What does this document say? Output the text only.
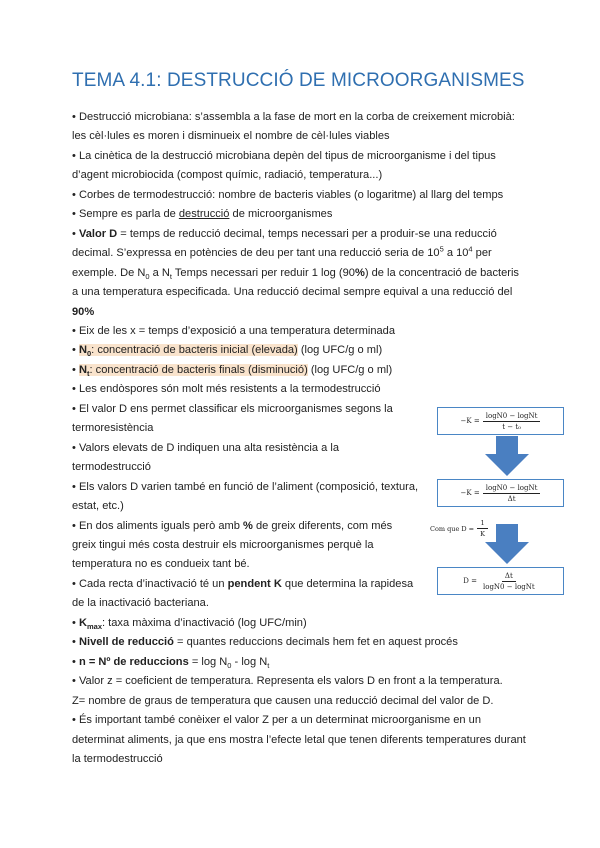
TEMA 4.1: DESTRUCCIÓ DE MICROORGANISMES
• Destrucció microbiana: s’assembla a la fase de mort en la corba de creixement microbià:
les cèl·lules es moren i disminueix el nombre de cèl·lules viables
• La cinètica de la destrucció microbiana depèn del tipus de microorganisme i del tipus
d’agent microbiocida (compost químic, radiació, temperatura...)
• Corbes de termodestrucció: nombre de bacteris viables (o logaritme) al llarg del temps
• Sempre es parla de destrucció de microorganismes
• Valor D = temps de reducció decimal, temps necessari per a produir-se una reducció
decimal. S’expressa en potències de deu per tant una reducció seria de $10^5$ a $10^4$ per
exemple. De $N_0$ a $N_t$ Temps necessari per reduir 1 log (90%) de la concentració de bacteris
a una temperatura especificada. Una reducció decimal sempre equival a una reducció del
90%
• Eix de les x = temps d’exposició a una temperatura determinada
• $N_0$: concentració de bacteris inicial (elevada) (log UFC/g o ml)
• $N_t$: concentració de bacteris finals (disminució) (log UFC/g o ml)
• Les endòspores són molt més resistents a la termodestrucció
• El valor D ens permet classificar els microorganismes segons la
termoresistència
• Valors elevats de D indiquen una alta resistència a la
termodestrucció
• Els valors D varien també en funció de l’aliment (composició, textura,
estat, etc.)
• En dos aliments iguals però amb % de greix diferents, com més
greix tingui més costa destruir els microorganismes perquè la
temperatura no es condueix tant bé.
• Cada recta d’inactivació té un pendent K que determina la rapidesa
de la inactivació bacteriana.
• $K_{max}$: taxa màxima d’inactivació (log UFC/min)
• Nivell de reducció = quantes reduccions decimals hem fet en aquest procés
• n = Nº de reduccions = $\log N_0$ - $\log N_t$
• Valor z = coeficient de temperatura. Representa els valors D en front a la temperatura.
Z= nombre de graus de temperatura que causen una reducció decimal del valor de D.
• És important també conèixer el valor Z per a un determinat microorganisme en un
determinat aliments, ja que ens mostra l’efecte letal que tenen diferents temperatures durant
la termodestrucció
$-K = \frac{\text{logN0 − logNt}}{\text{t − t₀}}$
$-K = \frac{\text{logN0 − logNt}}{\Delta t}$
Com que $D = \frac{1}{K}$
$D = \frac{\Delta t}{\text{logN0 − logNt}}$
